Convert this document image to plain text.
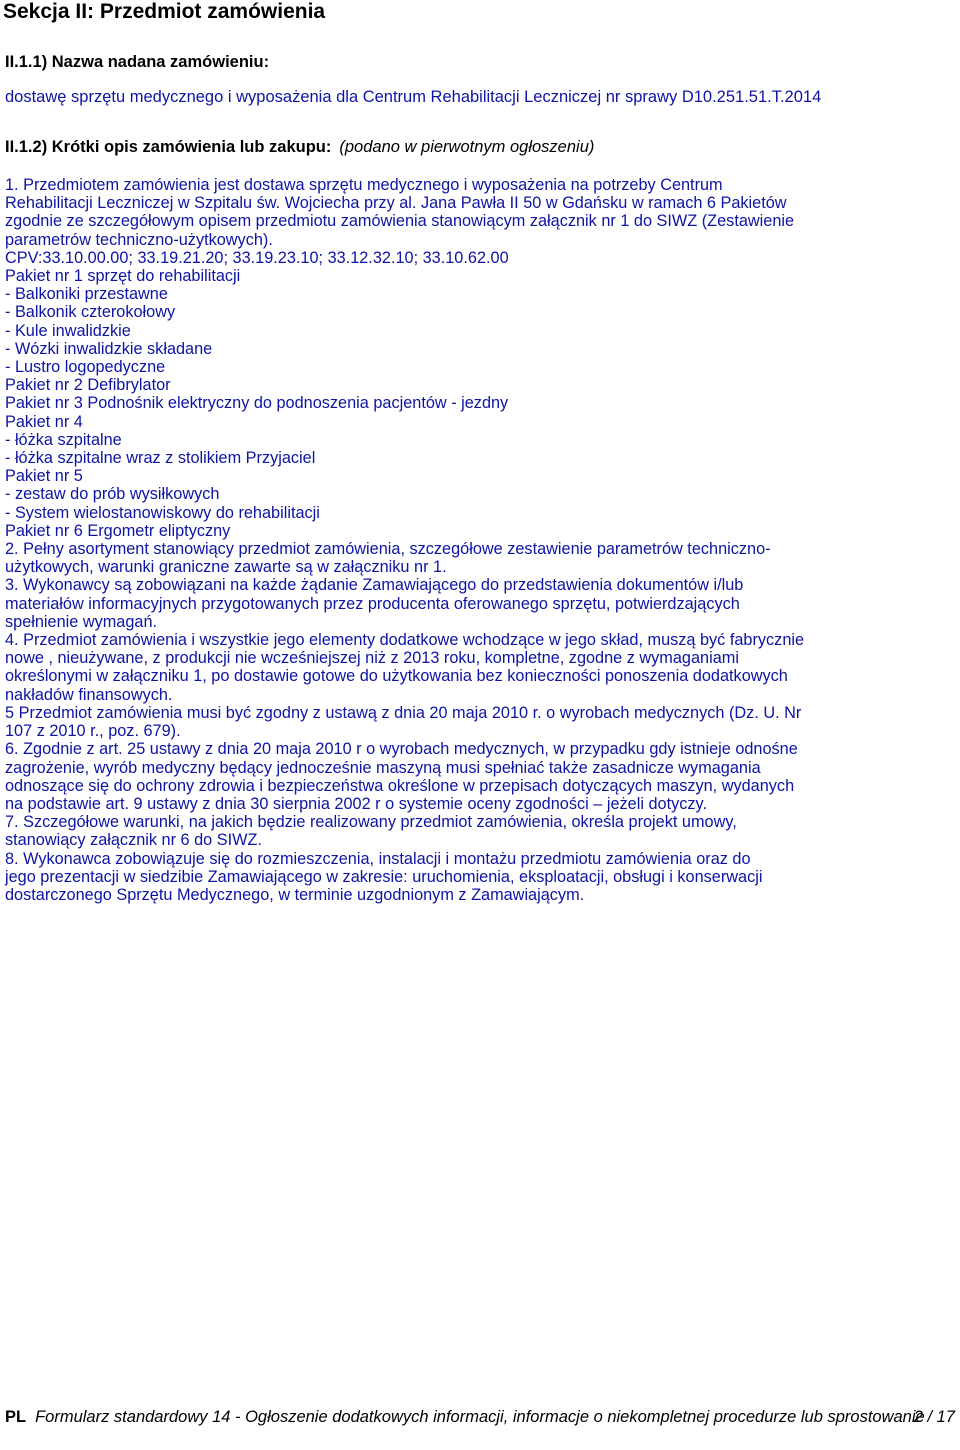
Sekcja II: Przedmiot zamówienia
II.1.1) Nazwa nadana zamówieniu:
dostawę sprzętu medycznego i wyposażenia dla Centrum Rehabilitacji Leczniczej nr sprawy D10.251.51.T.2014
II.1.2) Krótki opis zamówienia lub zakupu: (podano w pierwotnym ogłoszeniu)
1. Przedmiotem zamówienia jest dostawa sprzętu medycznego i wyposażenia na potrzeby Centrum
Rehabilitacji Leczniczej w Szpitalu św. Wojciecha przy al. Jana Pawła II 50 w Gdańsku w ramach 6 Pakietów
zgodnie ze szczegółowym opisem przedmiotu zamówienia stanowiącym załącznik nr 1 do SIWZ (Zestawienie
parametrów techniczno-użytkowych).
CPV:33.10.00.00; 33.19.21.20; 33.19.23.10; 33.12.32.10; 33.10.62.00
Pakiet nr 1 sprzęt do rehabilitacji
- Balkoniki przestawne
- Balkonik czterokołowy
- Kule inwalidzkie
- Wózki inwalidzkie składane
- Lustro logopedyczne
Pakiet nr 2 Defibrylator
Pakiet nr 3 Podnośnik elektryczny do podnoszenia pacjentów - jezdny
Pakiet nr 4
- łóżka szpitalne
- łóżka szpitalne wraz z stolikiem Przyjaciel
Pakiet nr 5
- zestaw do prób wysiłkowych
- System wielostanowiskowy do rehabilitacji
Pakiet nr 6 Ergometr eliptyczny
2. Pełny asortyment stanowiący przedmiot zamówienia, szczegółowe zestawienie parametrów techniczno-
użytkowych, warunki graniczne zawarte są w załączniku nr 1.
3. Wykonawcy są zobowiązani na każde żądanie Zamawiającego do przedstawienia dokumentów i/lub
materiałów informacyjnych przygotowanych przez producenta oferowanego sprzętu, potwierdzających
spełnienie wymagań.
4. Przedmiot zamówienia i wszystkie jego elementy dodatkowe wchodzące w jego skład, muszą być fabrycznie
nowe , nieużywane, z produkcji nie wcześniejszej niż z 2013 roku, kompletne, zgodne z wymaganiami
określonymi w załączniku 1, po dostawie gotowe do użytkowania bez konieczności ponoszenia dodatkowych
nakładów finansowych.
5 Przedmiot zamówienia musi być zgodny z ustawą z dnia 20 maja 2010 r. o wyrobach medycznych (Dz. U. Nr
107 z 2010 r., poz. 679).
6. Zgodnie z art. 25 ustawy z dnia 20 maja 2010 r o wyrobach medycznych, w przypadku gdy istnieje odnośne
zagrożenie, wyrób medyczny będący jednocześnie maszyną musi spełniać także zasadnicze wymagania
odnoszące się do ochrony zdrowia i bezpieczeństwa określone w przepisach dotyczących maszyn, wydanych
na podstawie art. 9 ustawy z dnia 30 sierpnia 2002 r o systemie oceny zgodności – jeżeli dotyczy.
7. Szczegółowe warunki, na jakich będzie realizowany przedmiot zamówienia, określa projekt umowy,
stanowiący załącznik nr 6 do SIWZ.
8. Wykonawca zobowiązuje się do rozmieszczenia, instalacji i montażu przedmiotu zamówienia oraz do
jego prezentacji w siedzibie Zamawiającego w zakresie: uruchomienia, eksploatacji, obsługi i konserwacji
dostarczonego Sprzętu Medycznego, w terminie uzgodnionym z Zamawiającym.
PL Formularz standardowy 14 - Ogłoszenie dodatkowych informacji, informacje o niekompletnej procedurze lub sprostowanie
2 / 17
